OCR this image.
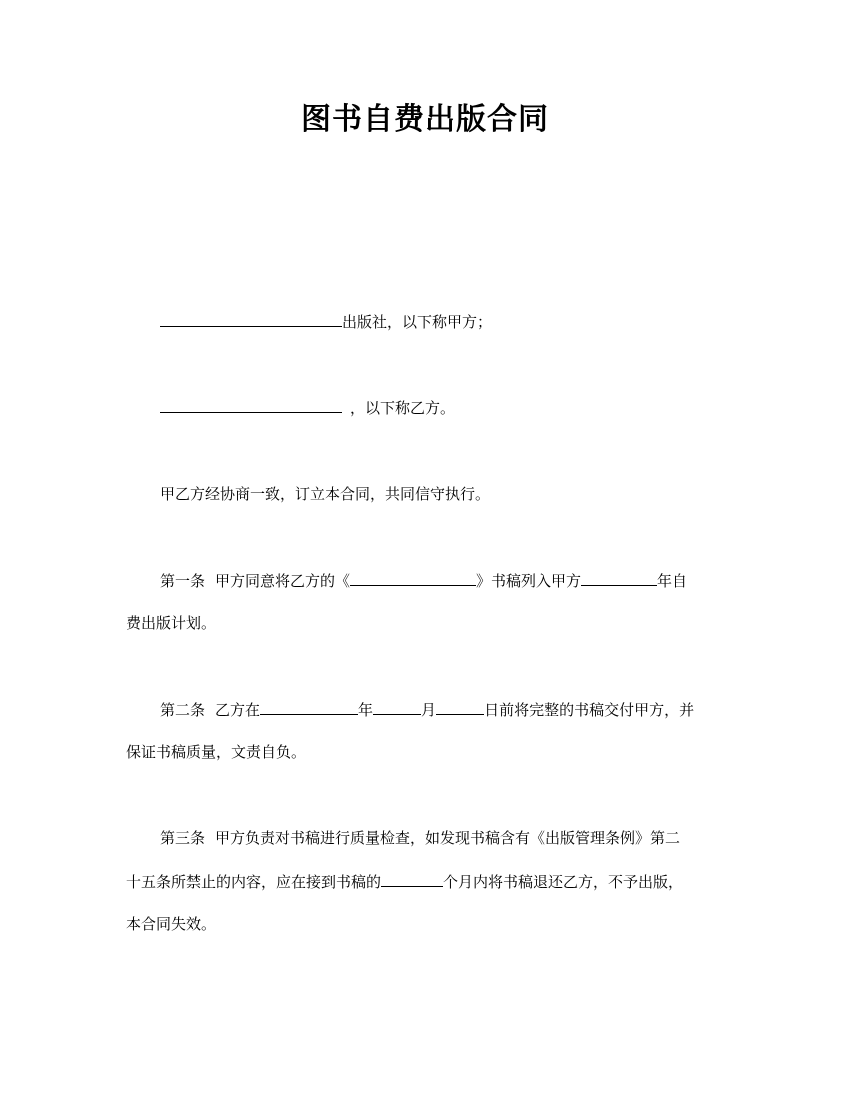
图书自费出版合同
出版社，以下称甲方；
，以下称乙方。
甲乙方经协商一致，订立本合同，共同信守执行。
第一条 甲方同意将乙方的《	》书稿列入甲方	年自
费出版计划。
第二条 乙方在	年	月	日前将完整的书稿交付甲方，并
保证书稿质量，文责自负。
第三条 甲方负责对书稿进行质量检查，如发现书稿含有《出版管理条例》第二
十五条所禁止的内容，应在接到书稿的	个月内将书稿退还乙方，不予出版，
本合同失效。
